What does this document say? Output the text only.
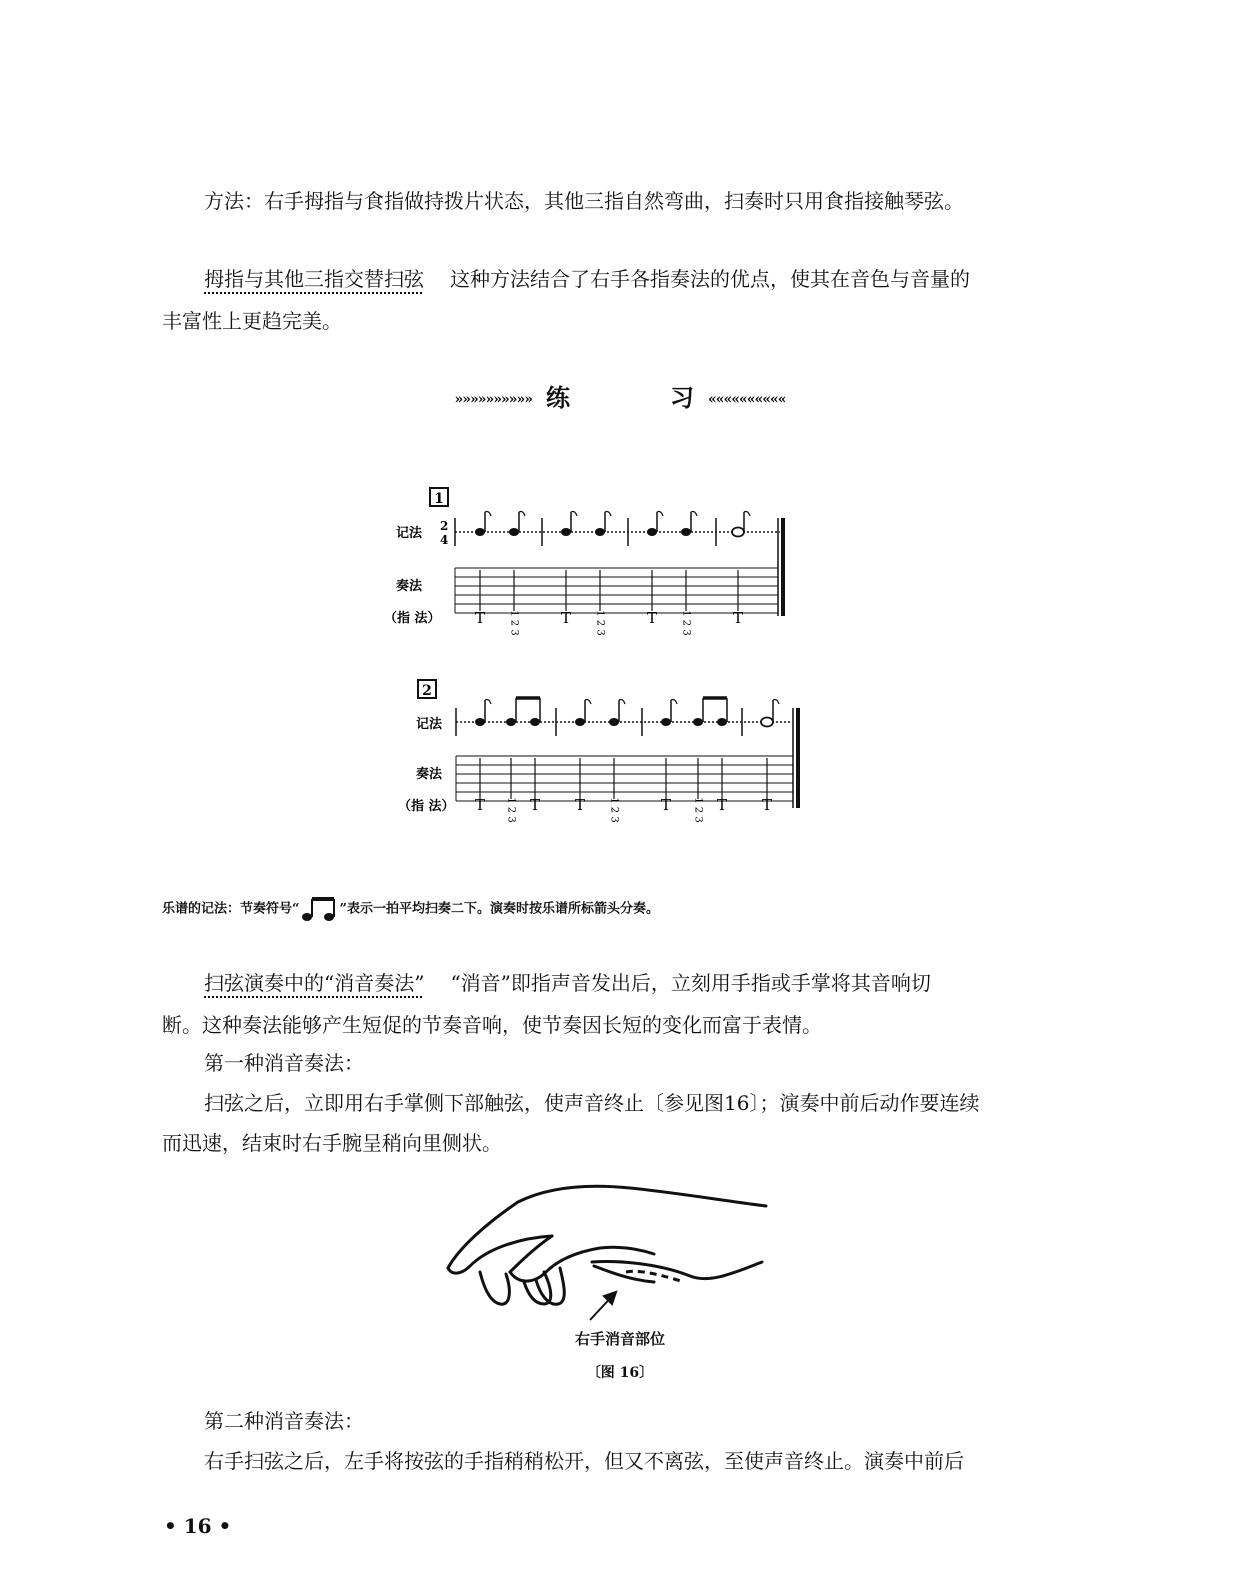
方法：右手拇指与食指做持拨片状态，其他三指自然弯曲，扫奏时只用食指接触琴弦。
拇指与其他三指交替扫弦 这种方法结合了右手各指奏法的优点，使其在音色与音量的
丰富性上更趋完美。
»»»»»»»»»» 练	习 ««««««««««
1
记法 2
4
奏法
（指 法） T 1 2 3	T 1 2 3	T 1 2 3	T
2
记法
奏法
（指 法） T 1 2 3 T T 1 2 3	T 1 2 3 T T
乐谱的记法：节奏符号“	”表示一拍平均扫奏二下。演奏时按乐谱所标箭头分奏。
扫弦演奏中的“消音奏法” “消音”即指声音发出后，立刻用手指或手掌将其音响切
断。这种奏法能够产生短促的节奏音响，使节奏因长短的变化而富于表情。
第一种消音奏法：
扫弦之后，立即用右手掌侧下部触弦，使声音终止〔参见图16〕；演奏中前后动作要连续
而迅速，结束时右手腕呈稍向里侧状。
右手消音部位
〔图 16〕
第二种消音奏法：
右手扫弦之后，左手将按弦的手指稍稍松开，但又不离弦，至使声音终止。演奏中前后
• 16 •
